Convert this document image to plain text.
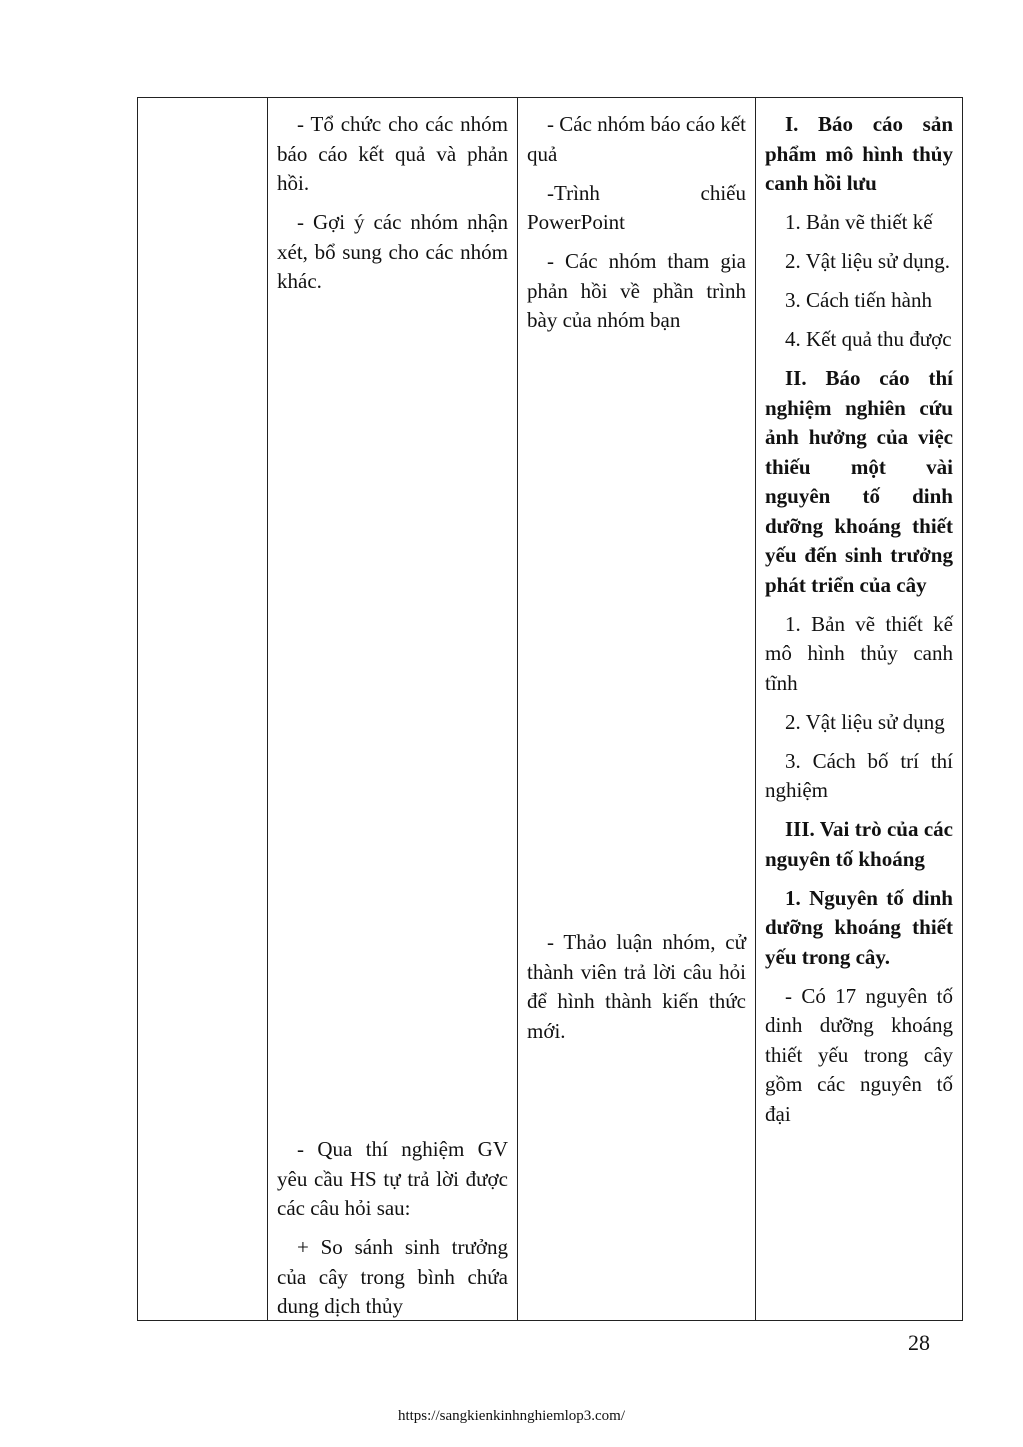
- Tổ chức cho các nhóm báo cáo kết quả và phản hồi.

- Gợi ý các nhóm nhận xét, bổ sung cho các nhóm khác.

- Qua thí nghiệm GV yêu cầu HS tự trả lời được các câu hỏi sau:

+ So sánh sinh trưởng của cây trong bình chứa dung dịch thủy

- Các nhóm báo cáo kết quả

-Trình chiếu PowerPoint

- Các nhóm tham gia phản hồi về phần trình bày của nhóm bạn

- Thảo luận nhóm, cử thành viên trả lời câu hỏi để hình thành kiến thức mới.

I. Báo cáo sản phẩm mô hình thủy canh hồi lưu

1. Bản vẽ thiết kế

2. Vật liệu sử dụng.

3. Cách tiến hành

4. Kết quả thu được

II. Báo cáo thí nghiệm nghiên cứu ảnh hưởng của việc thiếu một vài nguyên tố dinh dưỡng khoáng thiết yếu đến sinh trưởng phát triển của cây

1. Bản vẽ thiết kế mô hình thủy canh tĩnh

2. Vật liệu sử dụng

3. Cách bố trí thí nghiệm

III. Vai trò của các nguyên tố khoáng

1. Nguyên tố dinh dưỡng khoáng thiết yếu trong cây.

- Có 17 nguyên tố dinh dưỡng khoáng thiết yếu trong cây gồm các nguyên tố đại

28
https://sangkienkinhnghiemlop3.com/
